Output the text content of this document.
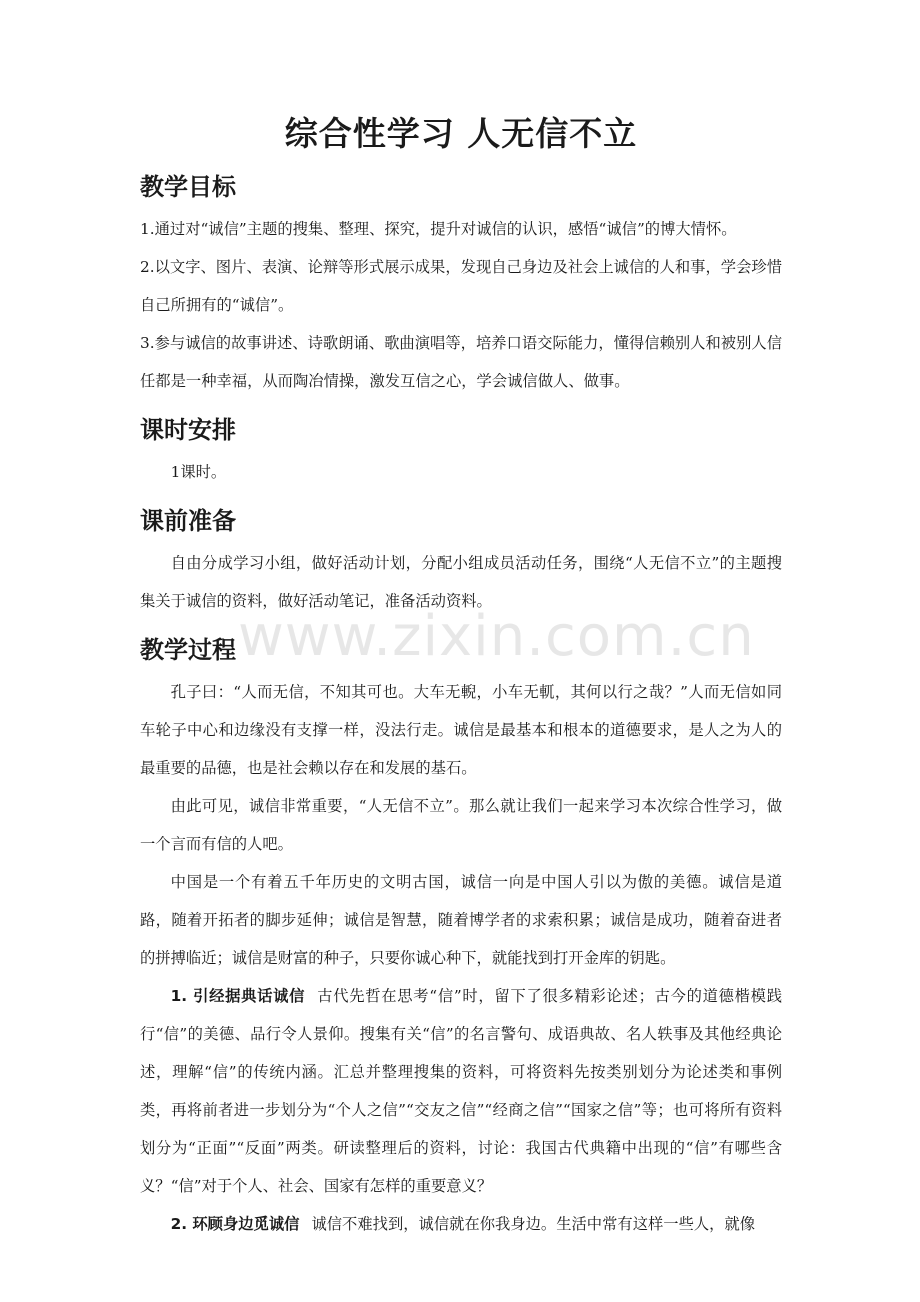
www.zixin.com.cn
综合性学习 人无信不立
教学目标

1.通过对“诚信”主题的搜集、整理、探究，提升对诚信的认识，感悟“诚信”的博大情怀。

2.以文字、图片、表演、论辩等形式展示成果，发现自己身边及社会上诚信的人和事，学会珍惜自己所拥有的“诚信”。

3.参与诚信的故事讲述、诗歌朗诵、歌曲演唱等，培养口语交际能力，懂得信赖别人和被别人信任都是一种幸福，从而陶冶情操，激发互信之心，学会诚信做人、做事。

课时安排

1课时。

课前准备

自由分成学习小组，做好活动计划，分配小组成员活动任务，围绕“人无信不立”的主题搜集关于诚信的资料，做好活动笔记，准备活动资料。

教学过程

孔子曰：“人而无信，不知其可也。大车无輗，小车无軏，其何以行之哉？”人而无信如同车轮子中心和边缘没有支撑一样，没法行走。诚信是最基本和根本的道德要求，是人之为人的最重要的品德，也是社会赖以存在和发展的基石。

由此可见，诚信非常重要，“人无信不立”。那么就让我们一起来学习本次综合性学习，做一个言而有信的人吧。

中国是一个有着五千年历史的文明古国，诚信一向是中国人引以为傲的美德。诚信是道路，随着开拓者的脚步延伸；诚信是智慧，随着博学者的求索积累；诚信是成功，随着奋进者的拼搏临近；诚信是财富的种子，只要你诚心种下，就能找到打开金库的钥匙。

1. 引经据典话诚信 古代先哲在思考“信”时，留下了很多精彩论述；古今的道德楷模践行“信”的美德、品行令人景仰。搜集有关“信”的名言警句、成语典故、名人轶事及其他经典论述，理解“信”的传统内涵。汇总并整理搜集的资料，可将资料先按类别划分为论述类和事例类，再将前者进一步划分为“个人之信”“交友之信”“经商之信”“国家之信”等；也可将所有资料划分为“正面”“反面”两类。研读整理后的资料，讨论：我国古代典籍中出现的“信”有哪些含义？“信”对于个人、社会、国家有怎样的重要意义？

2. 环顾身边觅诚信 诚信不难找到，诚信就在你我身边。生活中常有这样一些人，就像
